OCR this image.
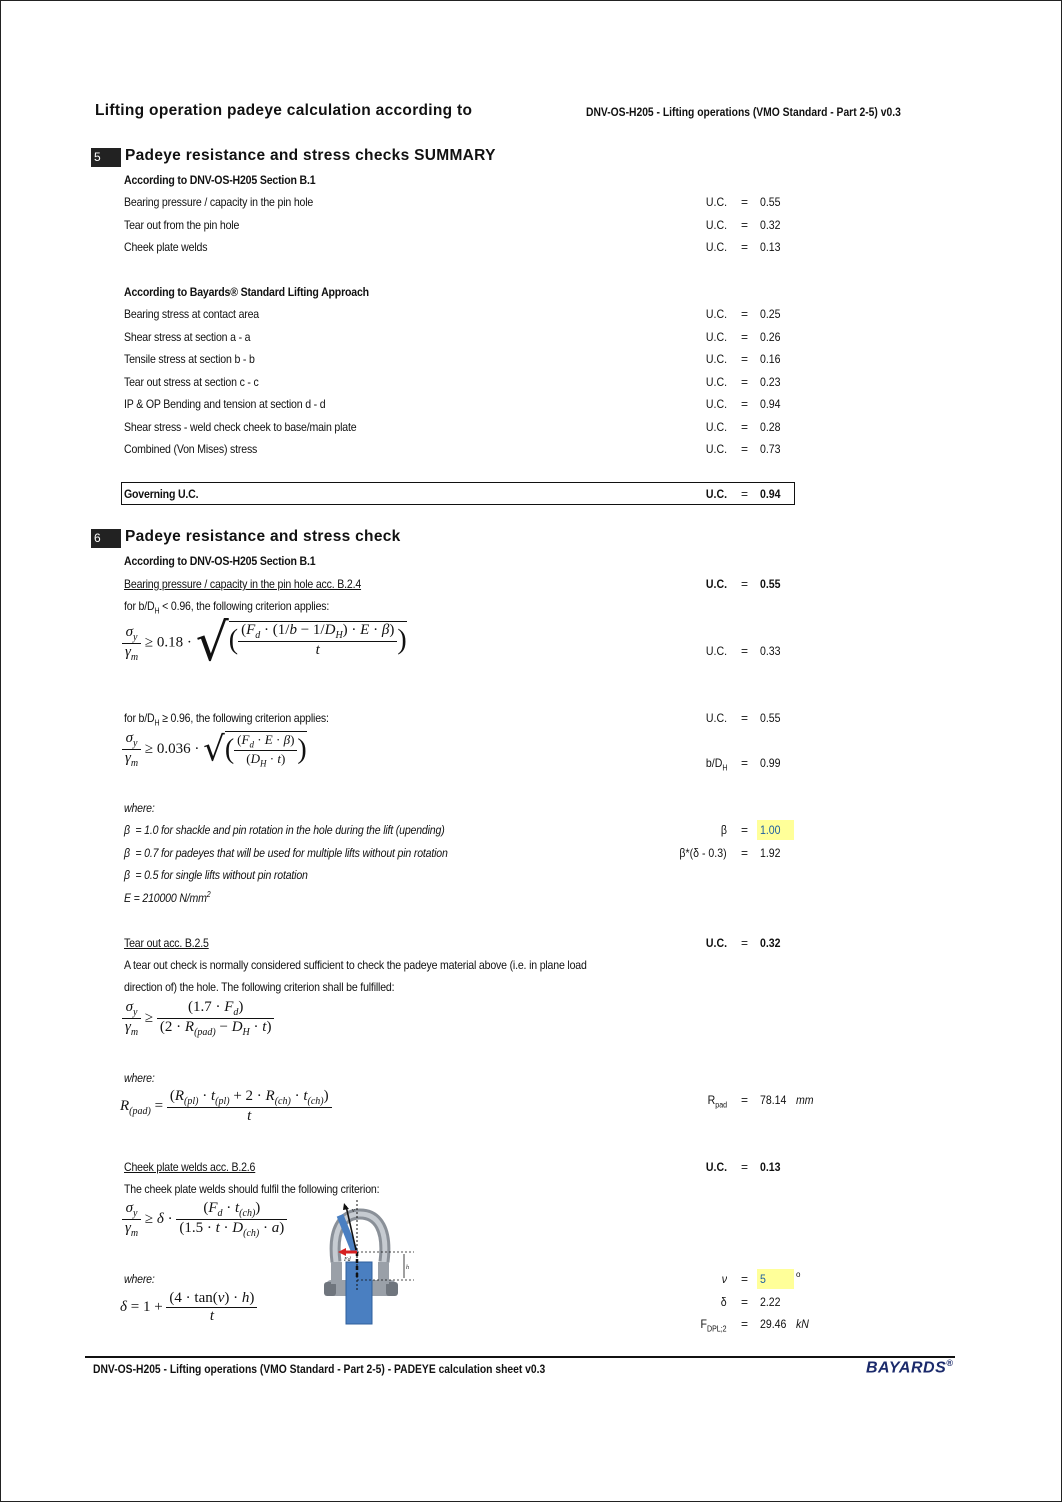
Lifting operation padeye calculation according to	DNV-OS-H205 - Lifting operations (VMO Standard - Part 2-5) v0.3
5	Padeye resistance and stress checks SUMMARY
According to DNV-OS-H205 Section B.1
Bearing pressure / capacity in the pin hole	U.C. = 0.55
Tear out from the pin hole	U.C. = 0.32
Cheek plate welds	U.C. = 0.13
According to Bayards® Standard Lifting Approach
Bearing stress at contact area	U.C. = 0.25
Shear stress at section a - a	U.C. = 0.26
Tensile stress at section b - b	U.C. = 0.16
Tear out stress at section c - c	U.C. = 0.23
IP & OP Bending and tension at section d - d	U.C. = 0.94
Shear stress - weld check cheek to base/main plate	U.C. = 0.28
Combined (Von Mises) stress	U.C. = 0.73
Governing U.C.	U.C. = 0.94
6	Padeye resistance and stress check
According to DNV-OS-H205 Section B.1
Bearing pressure / capacity in the pin hole acc. B.2.4	U.C. = 0.55
for $b/D_H < 0.96$, the following criterion applies:
$\frac{\sigma_y}{\gamma_m} \ge 0.18$ · √( $\frac{(F_d \cdot (1/b - 1/D_H) \cdot E \cdot \beta)}{t}$ )	U.C. = 0.33
for $b/D_H \ge 0.96$, the following criterion applies:	U.C. = 0.55
$\frac{\sigma_y}{\gamma_m} \ge 0.036$ · √( $\frac{(F_d \cdot E \cdot \beta)}{(D_H \cdot t)}$ )	$b/D_H = 0.99$
where:
β = 1.0 for shackle and pin rotation in the hole during the lift (upending)	β = 1.00
β = 0.7 for padeyes that will be used for multiple lifts without pin rotation	β*(δ - 0.3) = 1.92
β = 0.5 for single lifts without pin rotation
E = 210000 $N/mm^2$
Tear out acc. B.2.5	U.C. = 0.32
A tear out check is normally considered sufficient to check the padeye material above (i.e. in plane load
direction of) the hole. The following criterion shall be fulfilled:
$\frac{\sigma_y}{\gamma_m} \ge \frac{(1.7 \cdot F_d)}{(2 \cdot R_{(pad)} - D_H \cdot t)}$
where:
$R_{(pad)} = \frac{(R_{(pl)} \cdot t_{(pl)} + 2 \cdot R_{(ch)} \cdot t_{(ch)})}{t}$	$R_{pad} = 78.14$ mm
Cheek plate welds acc. B.2.6	U.C. = 0.13
The cheek plate welds should fulfil the following criterion:
$\frac{\sigma_y}{\gamma_m} \ge \delta \cdot \frac{(F_d \cdot t_{(ch)})}{(1.5 \cdot t \cdot D_{(ch)} \cdot a)}$
where:
$\delta = 1 + \frac{(4 \cdot \tan(\nu) \cdot h)}{t}$
Fd
h
ν
ν = 5	o
δ = 2.22
$F_{DPL;2} = 29.46$ kN
DNV-OS-H205 - Lifting operations (VMO Standard - Part 2-5) - PADEYE calculation sheet v0.3	BAYARDS®
